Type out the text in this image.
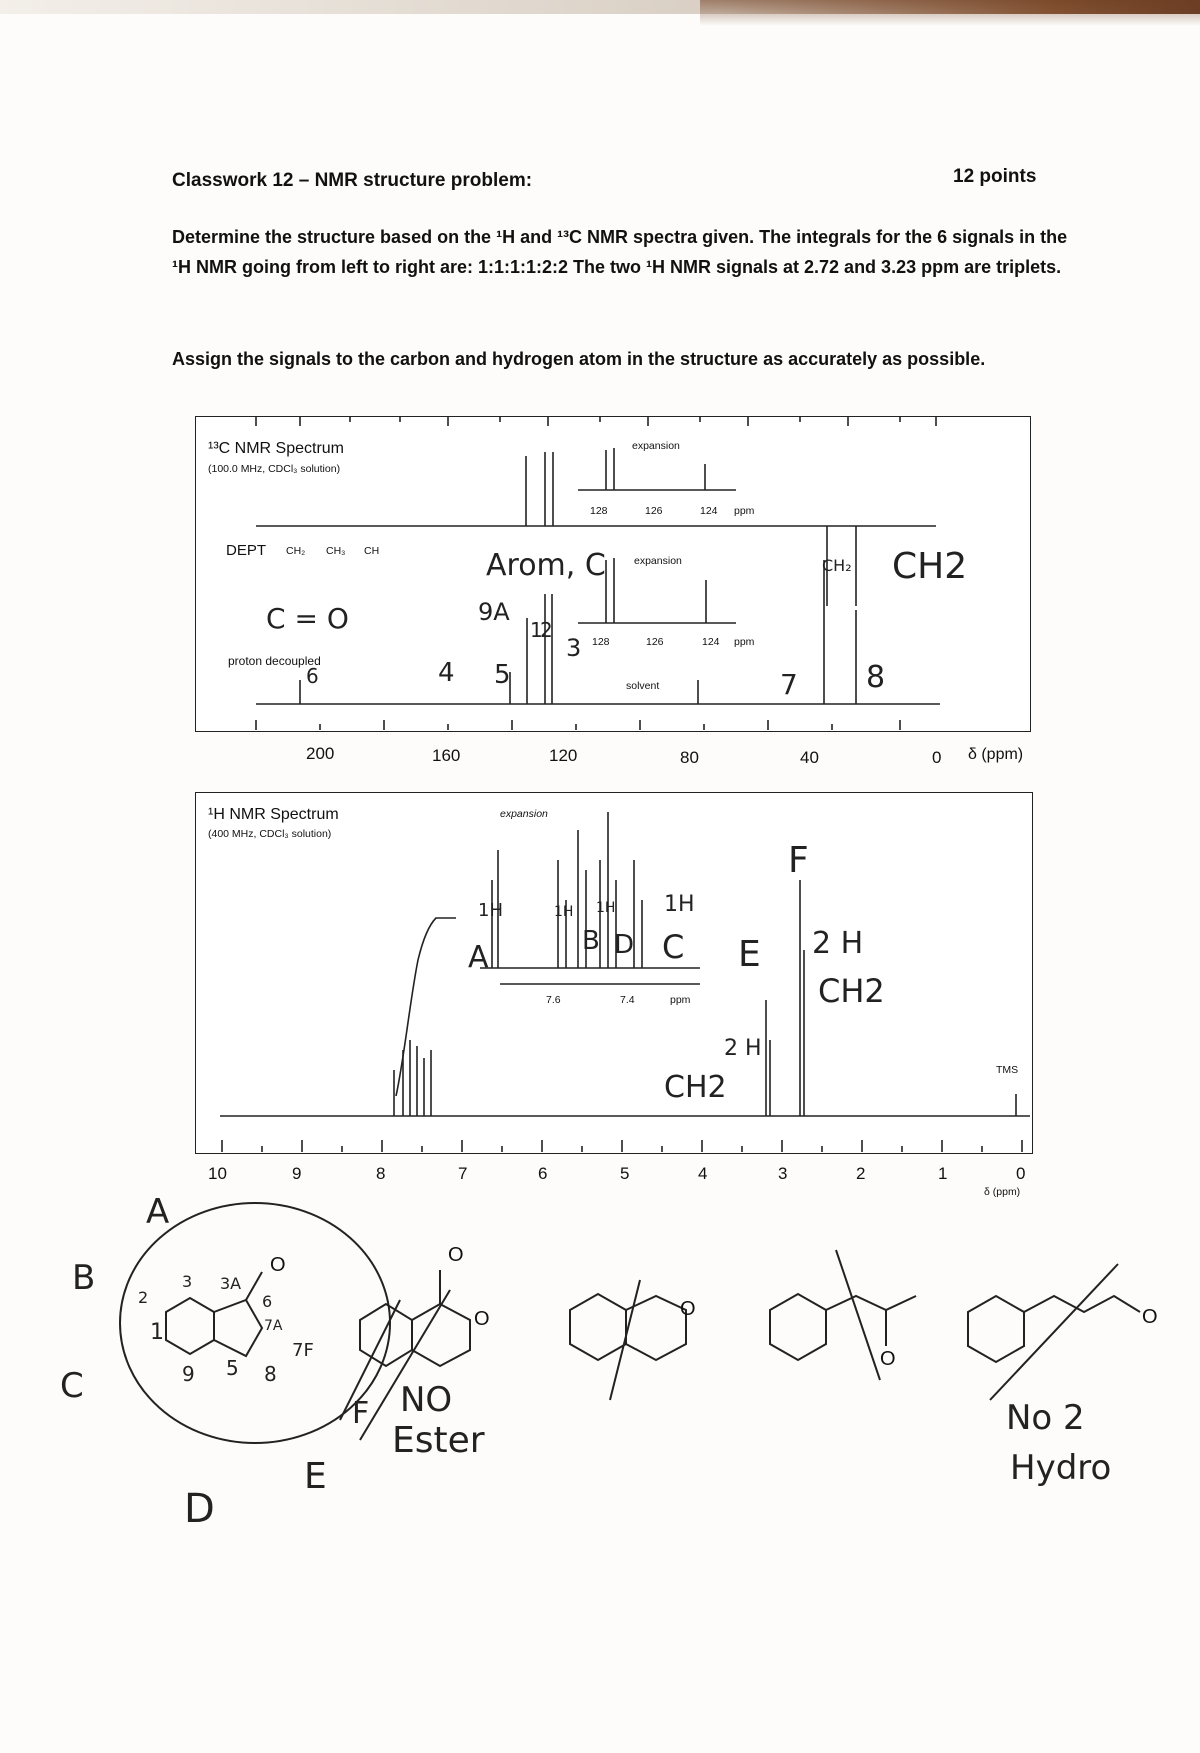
Classwork 12 – NMR structure problem:	12 points
Determine the structure based on the ¹H and ¹³C NMR spectra given. The integrals for the 6 signals in the ¹H NMR going from left to right are: 1:1:1:1:2:2 The two ¹H NMR signals at 2.72 and 3.23 ppm are triplets.
Assign the signals to the carbon and hydrogen atom in the structure as accurately as possible.
¹³C NMR Spectrum
(100.0 MHz, CDCl₃ solution)
DEPT CH₂ CH₃ CH
proton decoupled
expansion
expansion
128	126	124 ppm
128	126	124 ppm
solvent
200	160	120	80	40	0 δ (ppm)
¹H NMR Spectrum
(400 MHz, CDCl₃ solution)
expansion
7.6	7.4	ppm
TMS
10	9	8	7	6	5	4	3	2	1	0
δ (ppm)
Arom, C
C = O	9A
1
2
3
4 5
6	7 8
CH₂ CH2
1H
A
1H 1H 1H
B D C E
F
2 H
CH2
2 H
CH2
A
B
C
D
E
F
2
3 3A
1	7A
9 5 8
7F
6
O	O
O	O
O
O
NO
Ester
No 2
Hydro
